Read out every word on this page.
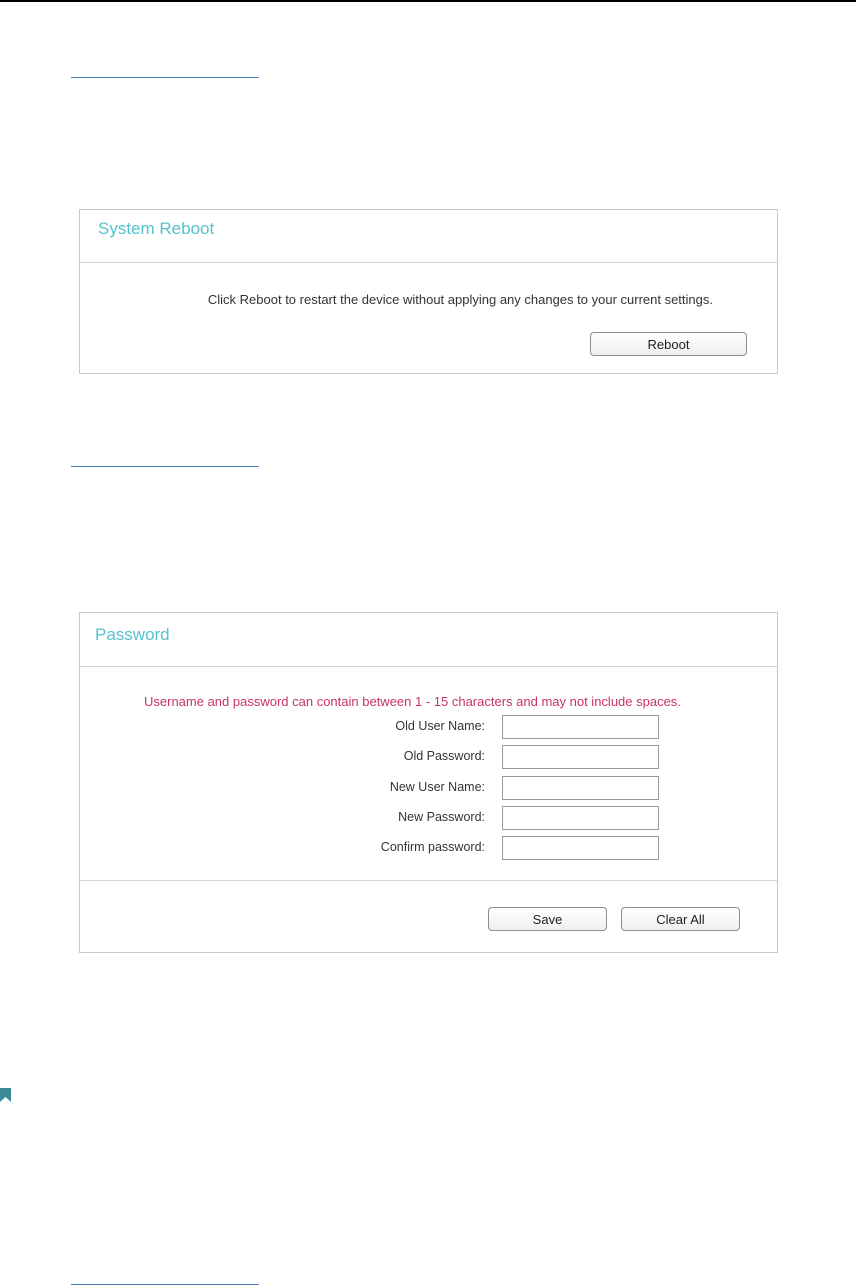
System Reboot
Click Reboot to restart the device without applying any changes to your current settings.
Reboot
Password
Username and password can contain between 1 - 15 characters and may not include spaces.
Old User Name:
Old Password:
New User Name:
New Password:
Confirm password:
Save	Clear All
